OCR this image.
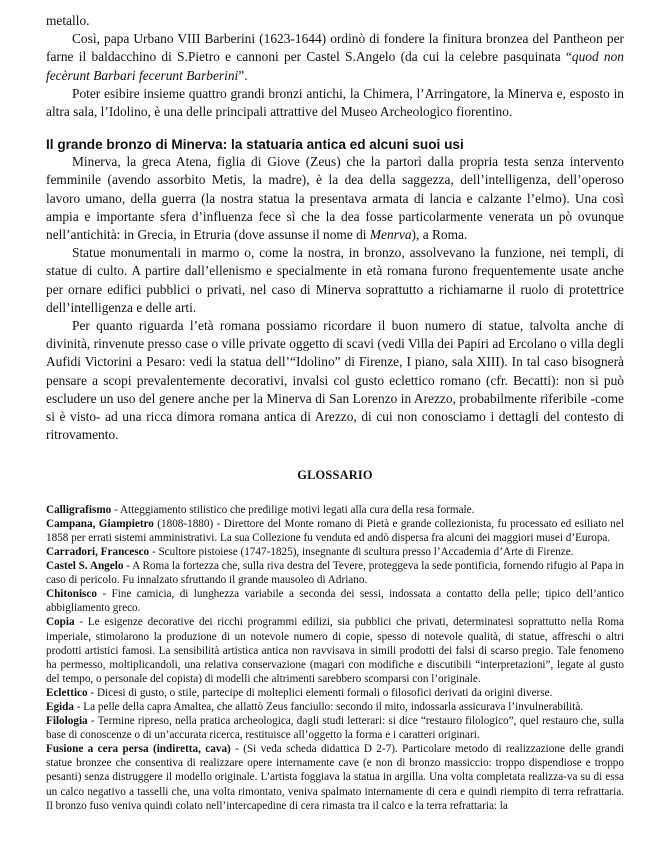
metallo.

Così, papa Urbano VIII Barberini (1623-1644) ordinò di fondere la finitura bronzea del Pantheon per farne il baldacchino di S.Pietro e cannoni per Castel S.Angelo (da cui la celebre pasquinata “quod non fecèrunt Barbari fecerunt Barberini”.

Poter esibire insieme quattro grandi bronzi antichi, la Chimera, l’Arringatore, la Minerva e, esposto in altra sala, l’Idolino, è una delle principali attrattive del Museo Archeologico fiorentino.

Il grande bronzo di Minerva: la statuaria antica ed alcuni suoi usi

Minerva, la greca Atena, figlia di Giove (Zeus) che la partorì dalla propria testa senza intervento femminile (avendo assorbito Metis, la madre), è la dea della saggezza, dell’intelligenza, dell’operoso lavoro umano, della guerra (la nostra statua la presentava armata di lancia e calzante l’elmo). Una così ampia e importante sfera d’influenza fece sì che la dea fosse particolarmente venerata un pò ovunque nell’antichità: in Grecia, in Etruria (dove assunse il nome di Menrva), a Roma.

Statue monumentali in marmo o, come la nostra, in bronzo, assolvevano la funzione, nei templi, di statue di culto. A partire dall’ellenismo e specialmente in età romana furono frequentemente usate anche per ornare edifici pubblici o privati, nel caso di Minerva soprattutto a richiamarne il ruolo di protettrice dell’intelligenza e delle arti.

Per quanto riguarda l’età romana possiamo ricordare il buon numero di statue, talvolta anche di divinità, rinvenute presso case o ville private oggetto di scavi (vedi Villa dei Papiri ad Ercolano o villa degli Aufidi Victorini a Pesaro: vedi la statua dell’“Idolino” di Firenze, I piano, sala XIII). In tal caso bisognerà pensare a scopi prevalentemente decorativi, invalsi col gusto eclettico romano (cfr. Becatti): non si può escludere un uso del genere anche per la Minerva di San Lorenzo in Arezzo, probabilmente riferibile -come si è visto- ad una ricca dimora romana antica di Arezzo, di cui non conosciamo i dettagli del contesto di ritrovamento.

GLOSSARIO

Calligrafismo - Atteggiamento stilistico che predilige motivi legati alla cura della resa formale.

Campana, Giampietro (1808-1880) - Direttore del Monte romano di Pietà e grande collezionista, fu processato ed esiliato nel 1858 per errati sistemi amministrativi. La sua Collezione fu venduta ed andò dispersa fra alcuni dei maggiori musei d’Europa.

Carradori, Francesco - Scultore pistoiese (1747-1825), insegnante di scultura presso l’Accademia d’Arte di Firenze.

Castel S. Angelo - A Roma la fortezza che, sulla riva destra del Tevere, proteggeva la sede pontificia, fornendo rifugio al Papa in caso di pericolo. Fu innalzato sfruttando il grande mausoleo di Adriano.

Chitonisco - Fine camicia, di lunghezza variabile a seconda dei sessi, indossata a contatto della pelle; tipico dell’antico abbigliamento greco.

Copia - Le esigenze decorative dei ricchi programmi edilizi, sia pubblici che privati, determinatesi soprattutto nella Roma imperiale, stimolarono la produzione di un notevole numero di copie, spesso di notevole qualità, di statue, affreschi o altri prodotti artistici famosi. La sensibilità artistica antica non ravvisava in simili prodotti dei falsi di scarso pregio. Tale fenomeno ha permesso, moltiplicandoli, una relativa conservazione (magari con modifiche e discutibili “interpretazioni”, legate al gusto del tempo, o personale del copista) di modelli che altrimenti sarebbero scomparsi con l’originale.

Eclettico - Dicesi di gusto, o stile, partecipe di molteplici elementi formali o filosofici derivati da origini diverse.

Egida - La pelle della capra Amaltea, che allattò Zeus fanciullo: secondo il mito, indossarla assicurava l’invulnerabilità.

Filologia - Termine ripreso, nella pratica archeologica, dagli studi letterari: si dice “restauro filologico”, quel restauro che, sulla base di conoscenze o di un’accurata ricerca, restituisce all’oggetto la forma e i caratteri originari.

Fusione a cera persa (indiretta, cava) - (Si veda scheda didattica D 2-7). Particolare metodo di realizzazione delle grandi statue bronzee che consentiva di realizzare opere internamente cave (e non di bronzo massiccio: troppo dispendiose e troppo pesanti) senza distruggere il modello originale. L’artista foggiava la statua in argilla. Una volta completata realizza-va su di essa un calco negativo a tasselli che, una volta rimontato, veniva spalmato internamente di cera e quindi riempito di terra refrattaria. Il bronzo fuso veniva quindi colato nell’intercapedine di cera rimasta tra il calco e la terra refrattaria: la
